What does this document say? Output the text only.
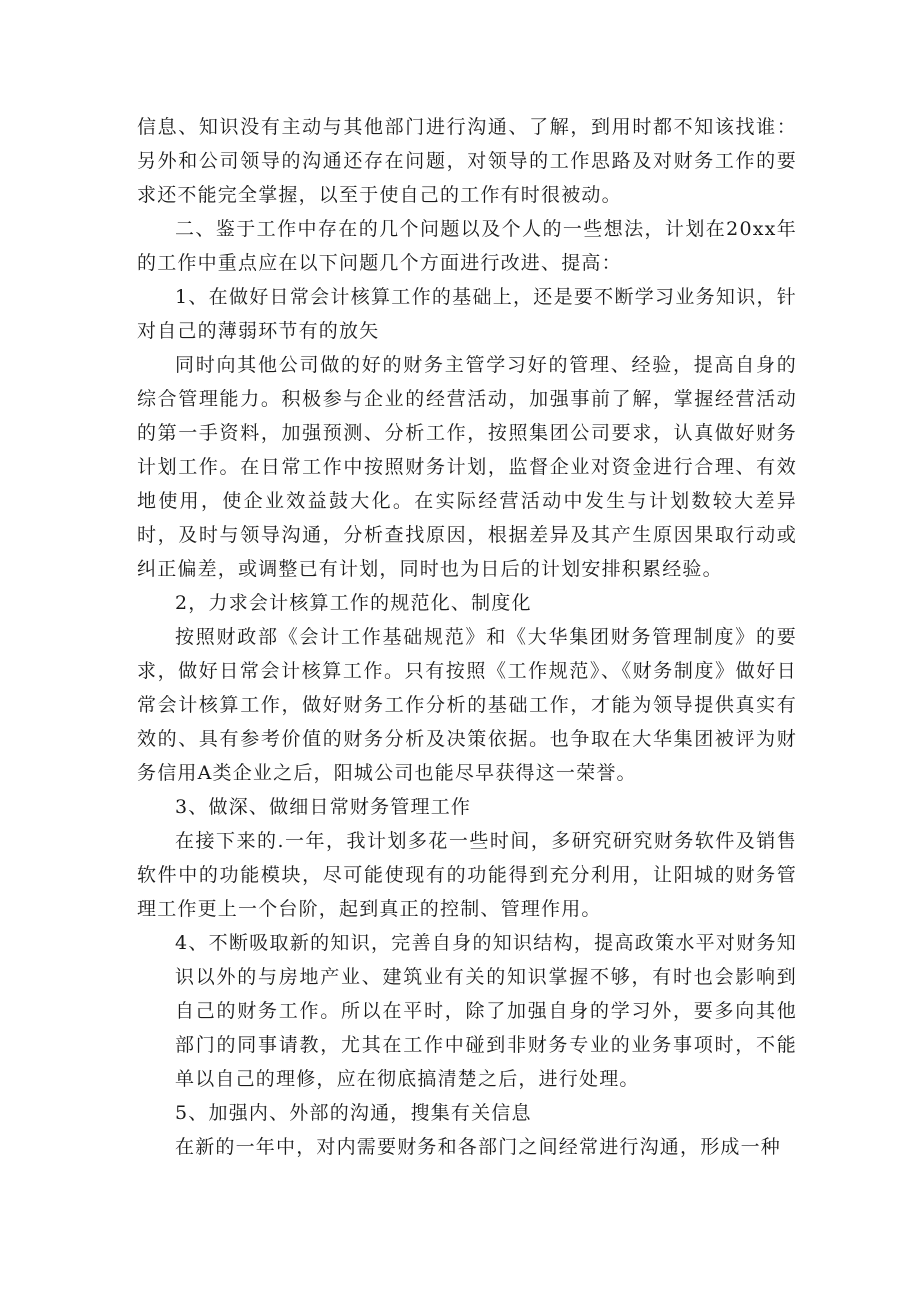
信息、知识没有主动与其他部门进行沟通、了解，到用时都不知该找谁：另外和公司领导的沟通还存在问题，对领导的工作思路及对财务工作的要求还不能完全掌握，以至于使自己的工作有时很被动。

二、鉴于工作中存在的几个问题以及个人的一些想法，计划在20xx年的工作中重点应在以下问题几个方面进行改进、提高：

1、在做好日常会计核算工作的基础上，还是要不断学习业务知识，针对自己的薄弱环节有的放矢

同时向其他公司做的好的财务主管学习好的管理、经验，提高自身的综合管理能力。积极参与企业的经营活动，加强事前了解，掌握经营活动的第一手资料，加强预测、分析工作，按照集团公司要求，认真做好财务计划工作。在日常工作中按照财务计划，监督企业对资金进行合理、有效地使用，使企业效益鼓大化。在实际经营活动中发生与计划数较大差异时，及时与领导沟通，分析查找原因，根据差异及其产生原因果取行动或纠正偏差，或调整已有计划，同时也为日后的计划安排积累经验。

2，力求会计核算工作的规范化、制度化

按照财政部《会计工作基础规范》和《大华集团财务管理制度》的要求，做好日常会计核算工作。只有按照《工作规范》、《财务制度》做好日常会计核算工作，做好财务工作分析的基础工作，才能为领导提供真实有效的、具有参考价值的财务分析及决策依据。也争取在大华集团被评为财务信用A类企业之后，阳城公司也能尽早获得这一荣誉。

3、做深、做细日常财务管理工作

在接下来的.一年，我计划多花一些时间，多研究研究财务软件及销售软件中的功能模块，尽可能使现有的功能得到充分利用，让阳城的财务管理工作更上一个台阶，起到真正的控制、管理作用。

4、不断吸取新的知识，完善自身的知识结构，提高政策水平对财务知识以外的与房地产业、建筑业有关的知识掌握不够，有时也会影响到自己的财务工作。所以在平时，除了加强自身的学习外，要多向其他部门的同事请教，尤其在工作中碰到非财务专业的业务事项时，不能单以自己的理修，应在彻底搞清楚之后，进行处理。

5、加强内、外部的沟通，搜集有关信息

在新的一年中，对内需要财务和各部门之间经常进行沟通，形成一种
